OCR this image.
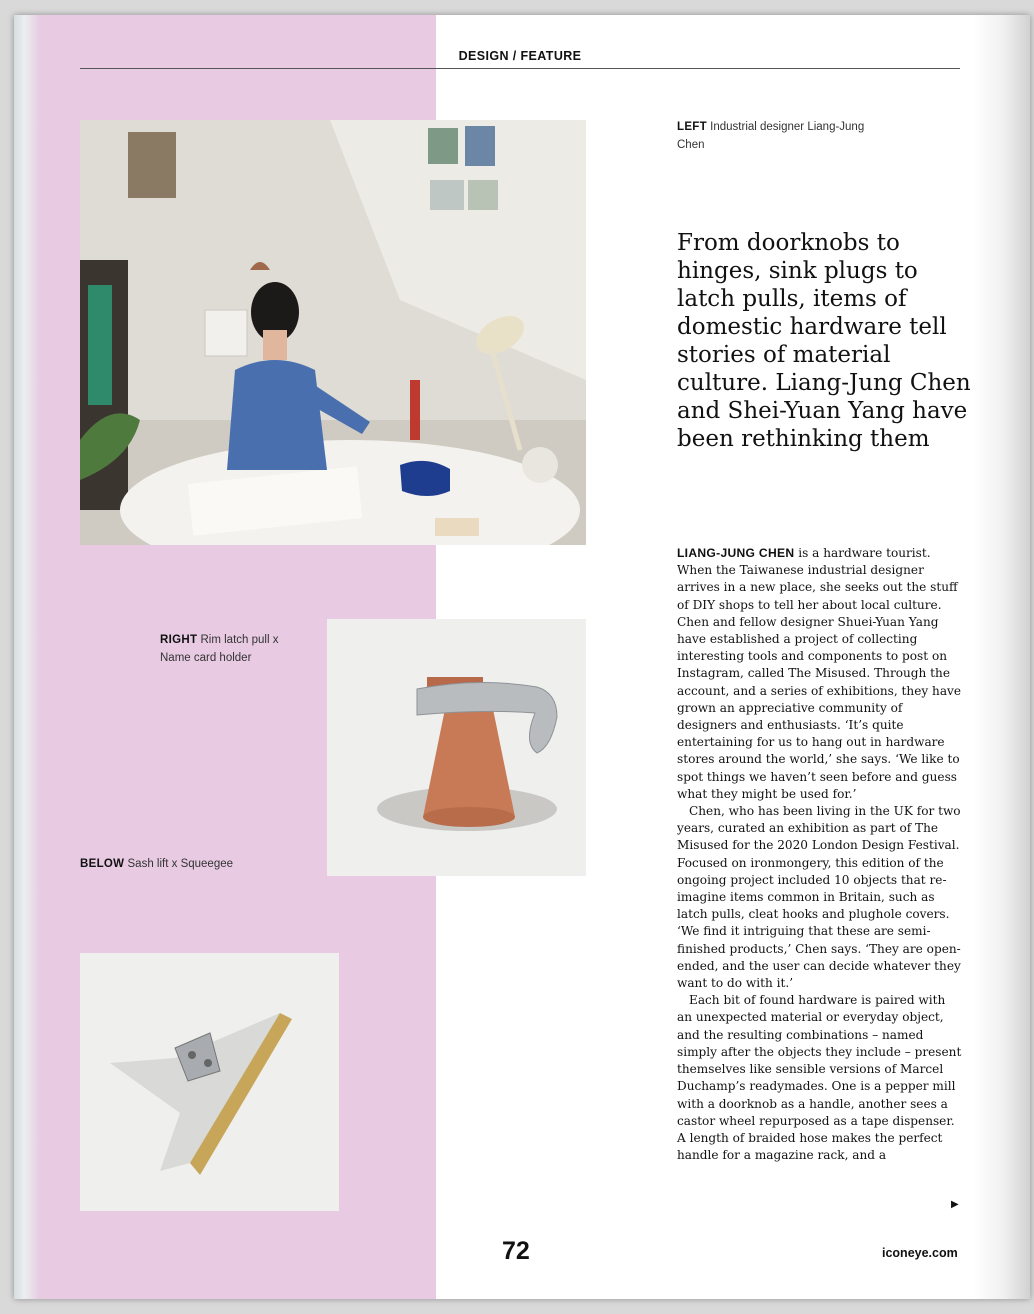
DESIGN / FEATURE
LEFT Industrial designer Liang-Jung Chen
From doorknobs to hinges, sink plugs to latch pulls, items of domestic hardware tell stories of material culture. Liang-Jung Chen and Shei-Yuan Yang have been rethinking them
RIGHT Rim latch pull x Name card holder
BELOW Sash lift x Squeegee

LIANG-JUNG CHEN is a hardware tourist. When the Taiwanese industrial designer arrives in a new place, she seeks out the stuff of DIY shops to tell her about local culture. Chen and fellow designer Shuei-Yuan Yang have established a project of collecting interesting tools and components to post on Instagram, called The Misused. Through the account, and a series of exhibitions, they have grown an appreciative community of designers and enthusiasts. ‘It’s quite entertaining for us to hang out in hardware stores around the world,’ she says. ‘We like to spot things we haven’t seen before and guess what they might be used for.’

Chen, who has been living in the UK for two years, curated an exhibition as part of The Misused for the 2020 London Design Festival. Focused on ironmongery, this edition of the ongoing project included 10 objects that re-imagine items common in Britain, such as latch pulls, cleat hooks and plughole covers. ‘We find it intriguing that these are semi-finished products,’ Chen says. ‘They are open-ended, and the user can decide whatever they want to do with it.’

Each bit of found hardware is paired with an unexpected material or everyday object, and the resulting combinations – named simply after the objects they include – present themselves like sensible versions of Marcel Duchamp’s readymades. One is a pepper mill with a doorknob as a handle, another sees a castor wheel repurposed as a tape dispenser. A length of braided hose makes the perfect handle for a magazine rack, and a

▶
72	iconeye.com
